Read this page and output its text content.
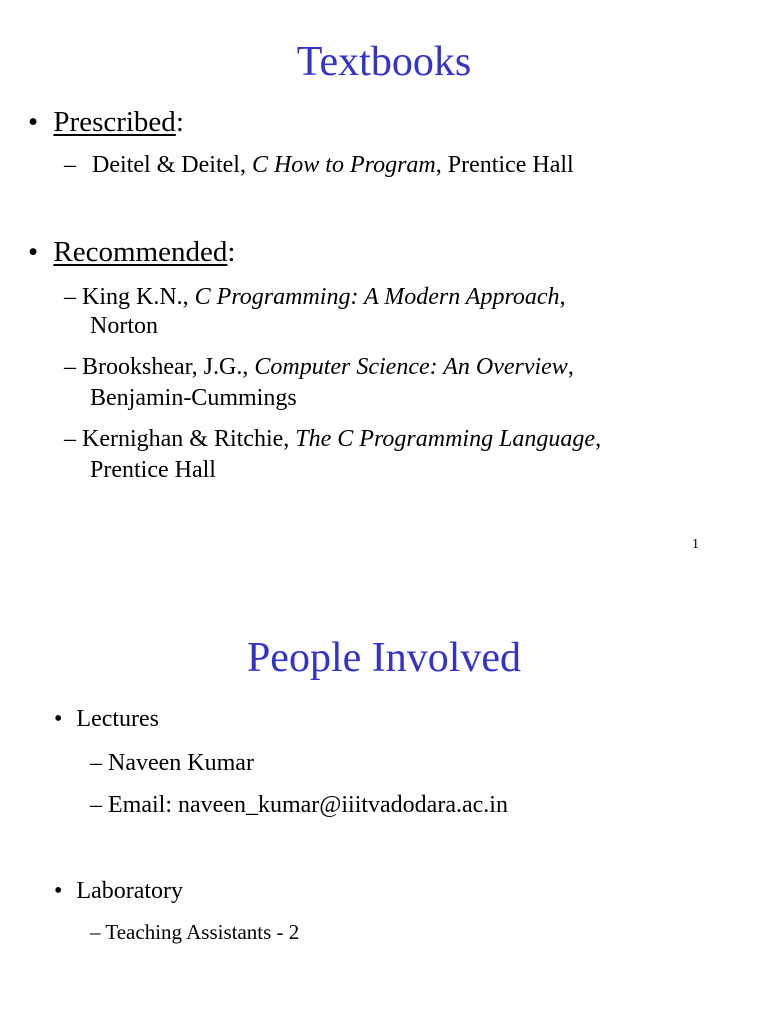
Textbooks
• Prescribed:
– Deitel & Deitel, C How to Program, Prentice Hall
• Recommended:
– King K.N., C Programming: A Modern Approach,
Norton
– Brookshear, J.G., Computer Science: An Overview,
Benjamin-Cummings
– Kernighan & Ritchie, The C Programming Language,
Prentice Hall
1
People Involved
• Lectures
– Naveen Kumar
– Email: naveen_kumar@iiitvadodara.ac.in
• Laboratory
– Teaching Assistants - 2
